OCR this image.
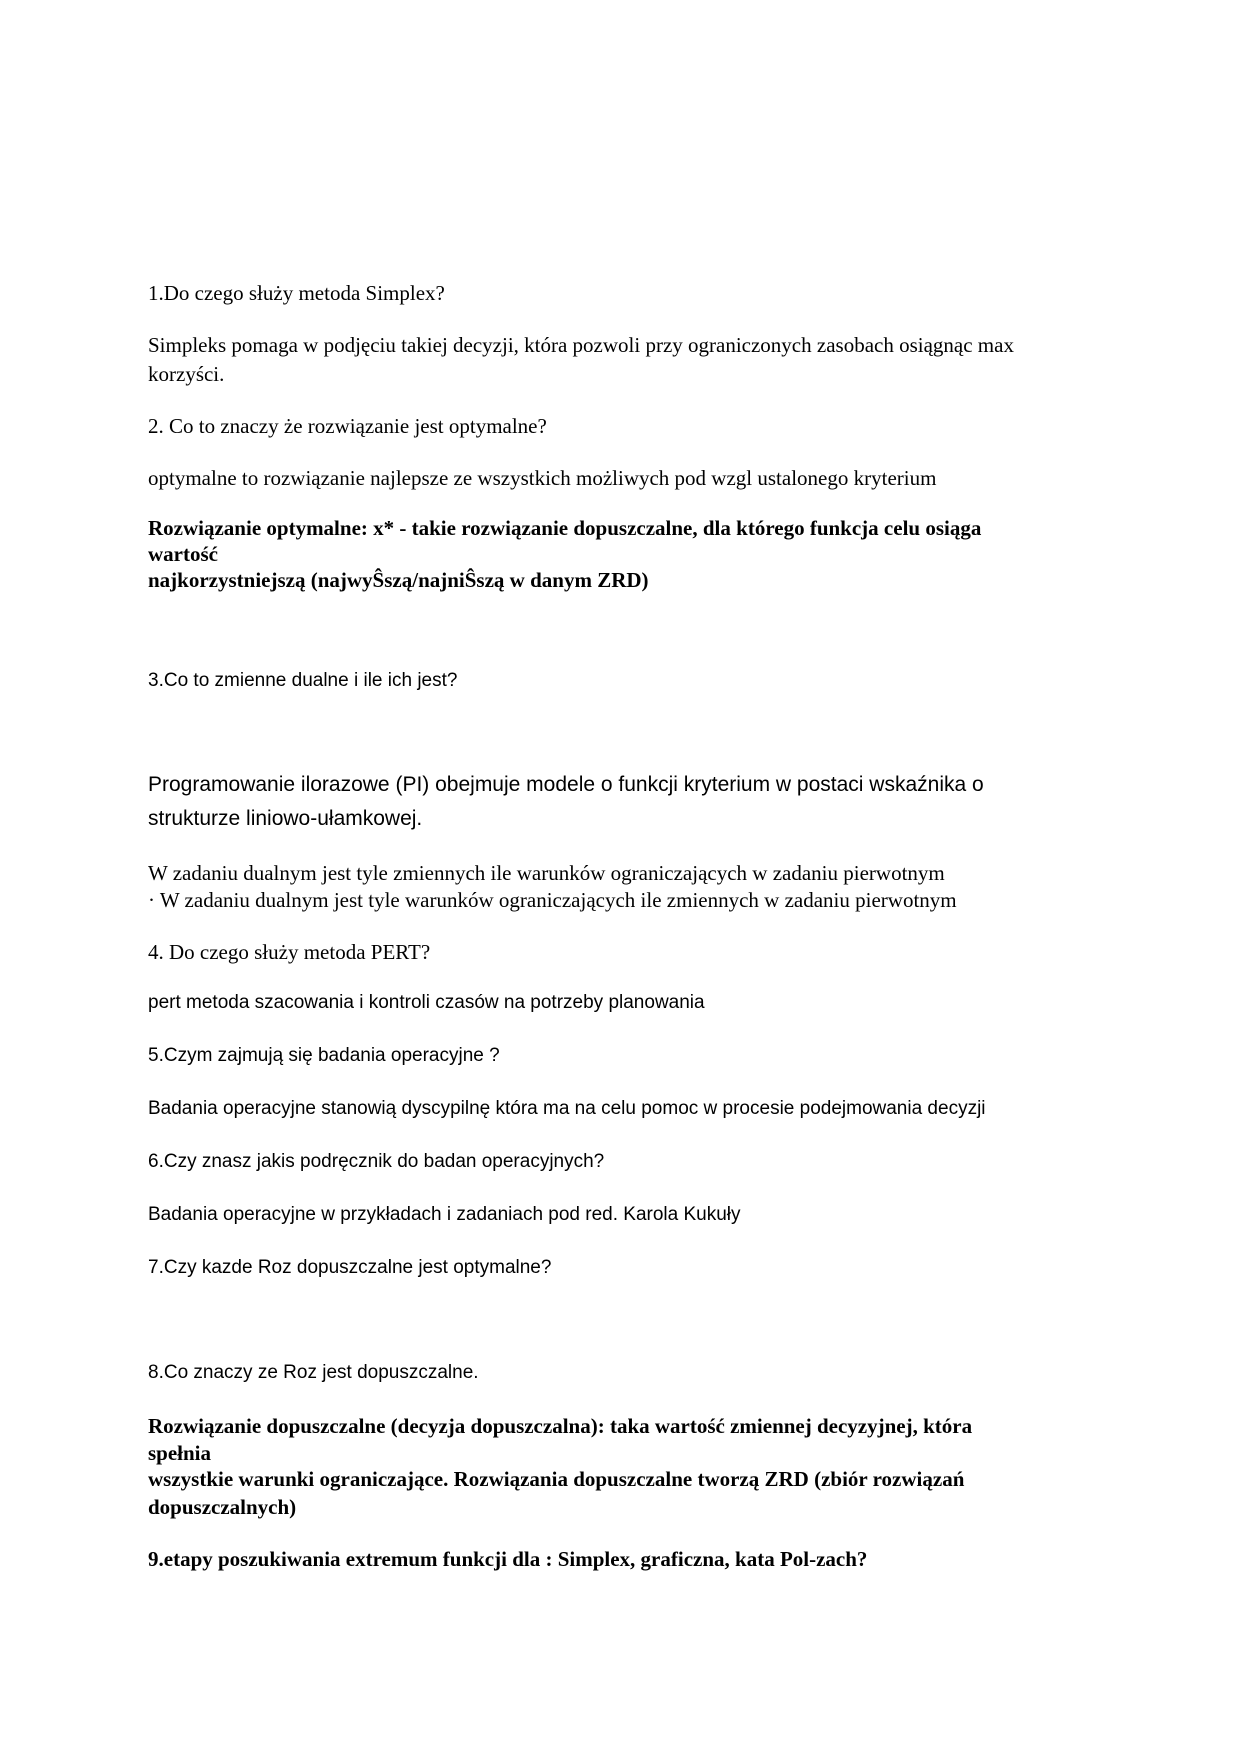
1.Do czego służy metoda Simplex?
Simpleks pomaga w podjęciu takiej decyzji, która pozwoli przy ograniczonych zasobach osiągnąc max
korzyści.
2. Co to znaczy że rozwiązanie jest optymalne?
optymalne to rozwiązanie najlepsze ze wszystkich możliwych pod wzgl ustalonego kryterium
Rozwiązanie optymalne: x* - takie rozwiązanie dopuszczalne, dla którego funkcja celu osiąga
wartość
najkorzystniejszą (najwyŜszą/najniŜszą w danym ZRD)
3.Co to zmienne dualne i ile ich jest?
Programowanie ilorazowe (PI) obejmuje modele o funkcji kryterium w postaci wskaźnika o
strukturze liniowo-ułamkowej.
W zadaniu dualnym jest tyle zmiennych ile warunków ograniczających w zadaniu pierwotnym
· W zadaniu dualnym jest tyle warunków ograniczających ile zmiennych w zadaniu pierwotnym
4. Do czego służy metoda PERT?
pert metoda szacowania i kontroli czasów na potrzeby planowania
5.Czym zajmują się badania operacyjne ?
Badania operacyjne stanowią dyscypilnę która ma na celu pomoc w procesie podejmowania decyzji
6.Czy znasz jakis podręcznik do badan operacyjnych?
Badania operacyjne w przykładach i zadaniach pod red. Karola Kukuły
7.Czy kazde Roz dopuszczalne jest optymalne?
8.Co znaczy ze Roz jest dopuszczalne.
Rozwiązanie dopuszczalne (decyzja dopuszczalna): taka wartość zmiennej decyzyjnej, która
spełnia
wszystkie warunki ograniczające. Rozwiązania dopuszczalne tworzą ZRD (zbiór rozwiązań
dopuszczalnych)
9.etapy poszukiwania extremum funkcji dla : Simplex, graficzna, kata Pol-zach?
